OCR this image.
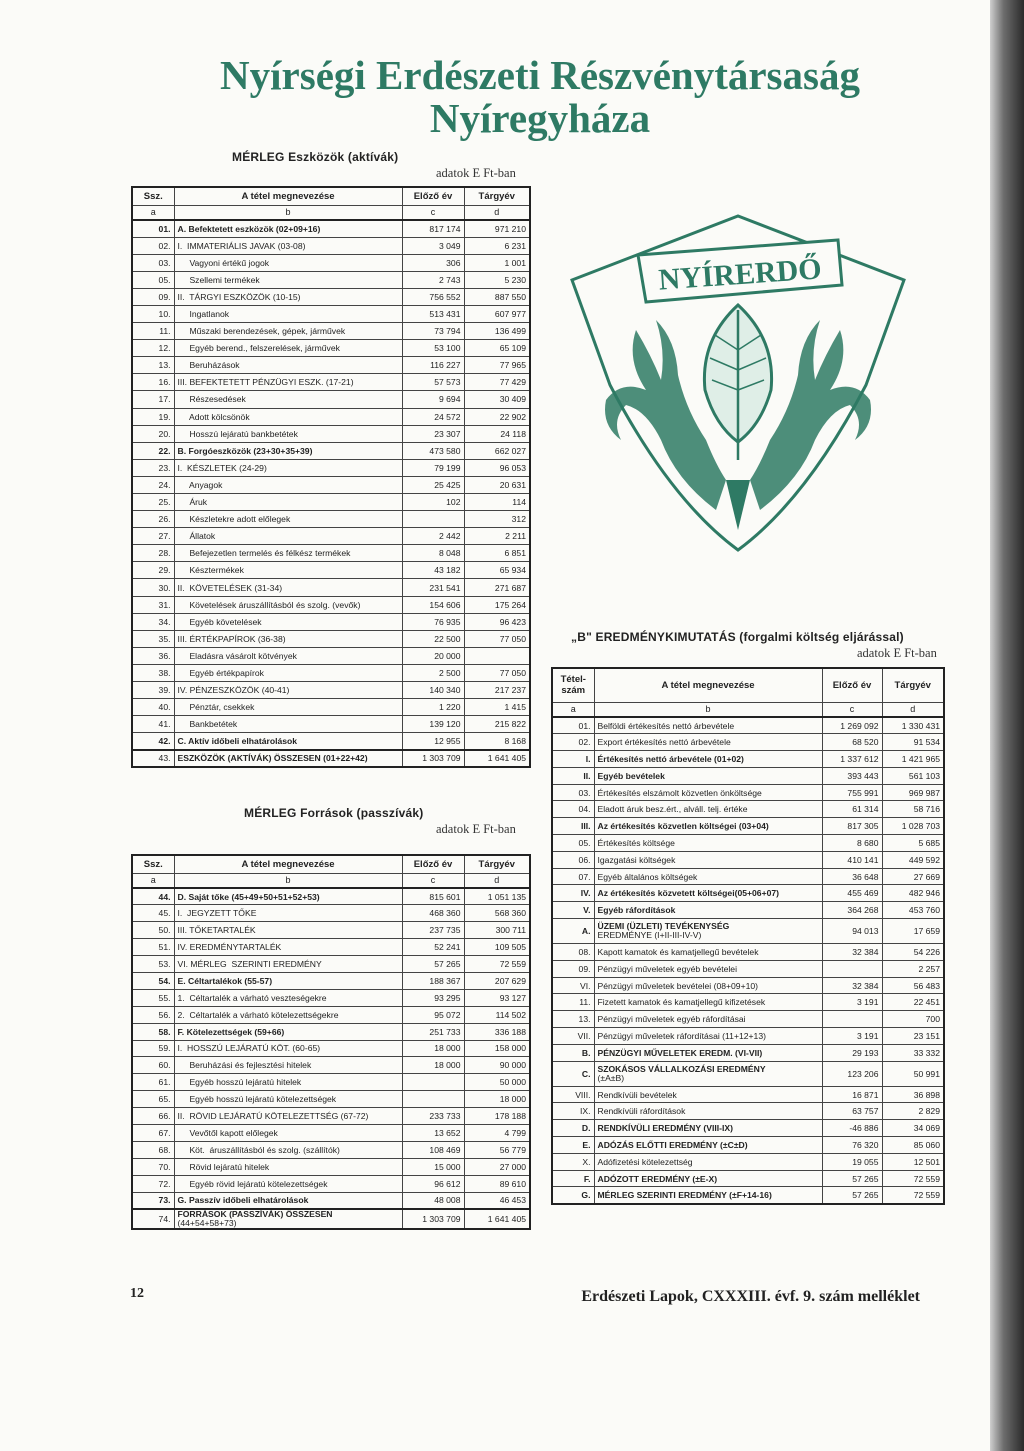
Nyírségi Erdészeti Részvénytársaság
Nyíregyháza
MÉRLEG Eszközök (aktívák)
adatok E Ft-ban
Ssz.	A tétel megnevezése	Előző év	Tárgyév
a	b	c	d
01.	A. Befektetett eszközök (02+09+16)	817 174	971 210
02.	I.  IMMATERIÁLIS JAVAK (03-08)	3 049	6 231
03.	Vagyoni értékű jogok	306	1 001
05.	Szellemi termékek	2 743	5 230
09.	II.  TÁRGYI ESZKÖZÖK (10-15)	756 552	887 550
10.	Ingatlanok	513 431	607 977
11.	Műszaki berendezések, gépek, járművek	73 794	136 499
12.	Egyéb berend., felszerelések, járművek	53 100	65 109
13.	Beruházások	116 227	77 965
16.	III. BEFEKTETETT PÉNZÜGYI ESZK. (17-21)	57 573	77 429
17.	Részesedések	9 694	30 409
19.	Adott kölcsönök	24 572	22 902
20.	Hosszú lejáratú bankbetétek	23 307	24 118
22.	B. Forgóeszközök (23+30+35+39)	473 580	662 027
23.	I.  KÉSZLETEK (24-29)	79 199	96 053
24.	Anyagok	25 425	20 631
25.	Áruk	102	114
26.	Készletekre adott előlegek		312
27.	Állatok	2 442	2 211
28.	Befejezetlen termelés és félkész termékek	8 048	6 851
29.	Késztermékek	43 182	65 934
30.	II.  KÖVETELÉSEK (31-34)	231 541	271 687
31.	Követelések áruszállításból és szolg. (vevők)	154 606	175 264
34.	Egyéb követelések	76 935	96 423
35.	III. ÉRTÉKPAPÍROK (36-38)	22 500	77 050
36.	Eladásra vásárolt kötvények	20 000	
38.	Egyéb értékpapírok	2 500	77 050
39.	IV. PÉNZESZKÖZÖK (40-41)	140 340	217 237
40.	Pénztár, csekkek	1 220	1 415
41.	Bankbetétek	139 120	215 822
42.	C. Aktív időbeli elhatárolások	12 955	8 168
43.	ESZKÖZÖK (AKTÍVÁK) ÖSSZESEN (01+22+42)	1 303 709	1 641 405
MÉRLEG Források (passzívák)
adatok E Ft-ban
Ssz.	A tétel megnevezése	Előző év	Tárgyév
a	b	c	d
44.	D. Saját tőke (45+49+50+51+52+53)	815 601	1 051 135
45.	I.  JEGYZETT TŐKE	468 360	568 360
50.	III. TŐKETARTALÉK	237 735	300 711
51.	IV. EREDMÉNYTARTALÉK	52 241	109 505
53.	VI. MÉRLEG  SZERINTI EREDMÉNY	57 265	72 559
54.	E. Céltartalékok (55-57)	188 367	207 629
55.	1.  Céltartalék a várható veszteségekre	93 295	93 127
56.	2.  Céltartalék a várható kötelezettségekre	95 072	114 502
58.	F. Kötelezettségek (59+66)	251 733	336 188
59.	I.  HOSSZÚ LEJÁRATÚ KÖT. (60-65)	18 000	158 000
60.	Beruházási és fejlesztési hitelek	18 000	90 000
61.	Egyéb hosszú lejáratú hitelek		50 000
65.	Egyéb hosszú lejáratú kötelezettségek		18 000
66.	II.  RÖVID LEJÁRATÚ KÖTELEZETTSÉG (67-72)	233 733	178 188
67.	Vevőtől kapott előlegek	13 652	4 799
68.	Köt.  áruszállításból és szolg. (szállítók)	108 469	56 779
70.	Rövid lejáratú hitelek	15 000	27 000
72.	Egyéb rövid lejáratú kötelezettségek	96 612	89 610
73.	G. Passzív időbeli elhatárolások	48 008	46 453
74.	FORRÁSOK (PASSZÍVÁK) ÖSSZESEN
(44+54+58+73)	1 303 709	1 641 405
NYÍRERDŐ
„B" EREDMÉNYKIMUTATÁS (forgalmi költség eljárással)
adatok E Ft-ban
Tétel-
szám	A tétel megnevezése	Előző év	Tárgyév
a	b	c	d
01.	Belföldi értékesítés nettó árbevétele	1 269 092	1 330 431
02.	Export értékesítés nettó árbevétele	68 520	91 534
I.	Értékesítés nettó árbevétele (01+02)	1 337 612	1 421 965
II.	Egyéb bevételek	393 443	561 103
03.	Értékesítés elszámolt közvetlen önköltsége	755 991	969 987
04.	Eladott áruk besz.ért., alváll. telj. értéke	61 314	58 716
III.	Az értékesítés közvetlen költségei (03+04)	817 305	1 028 703
05.	Értékesítés költsége	8 680	5 685
06.	Igazgatási költségek	410 141	449 592
07.	Egyéb általános költségek	36 648	27 669
IV.	Az értékesítés közvetett költségei(05+06+07)	455 469	482 946
V.	Egyéb ráfordítások	364 268	453 760
A.	ÜZEMI (ÜZLETI) TEVÉKENYSÉG
EREDMÉNYE (I+II-III-IV-V)	94 013	17 659
08.	Kapott kamatok és kamatjellegű bevételek	32 384	54 226
09.	Pénzügyi műveletek egyéb bevételei		2 257
VI.	Pénzügyi műveletek bevételei (08+09+10)	32 384	56 483
11.	Fizetett kamatok és kamatjellegű kifizetések	3 191	22 451
13.	Pénzügyi műveletek egyéb ráfordításai		700
VII.	Pénzügyi műveletek ráfordításai (11+12+13)	3 191	23 151
B.	PÉNZÜGYI MŰVELETEK EREDM. (VI-VII)	29 193	33 332
C.	SZOKÁSOS VÁLLALKOZÁSI EREDMÉNY
(±A±B)	123 206	50 991
VIII.	Rendkívüli bevételek	16 871	36 898
IX.	Rendkívüli ráfordítások	63 757	2 829
D.	RENDKÍVÜLI EREDMÉNY (VIII-IX)	-46 886	34 069
E.	ADÓZÁS ELŐTTI EREDMÉNY (±C±D)	76 320	85 060
X.	Adófizetési kötelezettség	19 055	12 501
F.	ADÓZOTT EREDMÉNY (±E-X)	57 265	72 559
G.	MÉRLEG SZERINTI EREDMÉNY (±F+14-16)	57 265	72 559
12	Erdészeti Lapok, CXXXIII. évf. 9. szám melléklet
